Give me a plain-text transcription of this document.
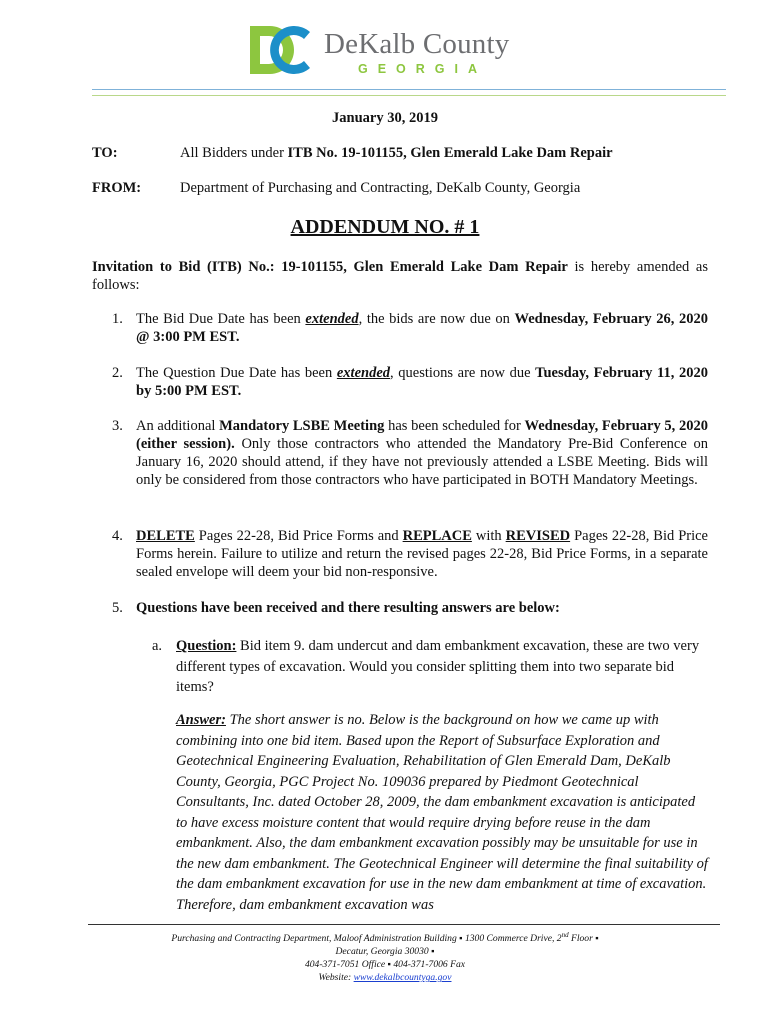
DeKalb County
GEORGIA
January 30, 2019
TO:	All Bidders under ITB No. 19-101155, Glen Emerald Lake Dam Repair
FROM:	Department of Purchasing and Contracting, DeKalb County, Georgia
ADDENDUM NO. # 1
Invitation to Bid (ITB) No.: 19-101155, Glen Emerald Lake Dam Repair is hereby amended as follows:
1. The Bid Due Date has been extended, the bids are now due on Wednesday, February 26, 2020 @ 3:00 PM EST.
2. The Question Due Date has been extended, questions are now due Tuesday, February 11, 2020 by 5:00 PM EST.
3. An additional Mandatory LSBE Meeting has been scheduled for Wednesday, February 5, 2020 (either session). Only those contractors who attended the Mandatory Pre-Bid Conference on January 16, 2020 should attend, if they have not previously attended a LSBE Meeting. Bids will only be considered from those contractors who have participated in BOTH Mandatory Meetings.
4. DELETE Pages 22-28, Bid Price Forms and REPLACE with REVISED Pages 22-28, Bid Price Forms herein. Failure to utilize and return the revised pages 22-28, Bid Price Forms, in a separate sealed envelope will deem your bid non-responsive.
5. Questions have been received and there resulting answers are below:
a. Question: Bid item 9. dam undercut and dam embankment excavation, these are two very different types of excavation. Would you consider splitting them into two separate bid items?
Answer: The short answer is no. Below is the background on how we came up with combining into one bid item. Based upon the Report of Subsurface Exploration and Geotechnical Engineering Evaluation, Rehabilitation of Glen Emerald Dam, DeKalb County, Georgia, PGC Project No. 109036 prepared by Piedmont Geotechnical Consultants, Inc. dated October 28, 2009, the dam embankment excavation is anticipated to have excess moisture content that would require drying before reuse in the dam embankment. Also, the dam embankment excavation possibly may be unsuitable for use in the new dam embankment. The Geotechnical Engineer will determine the final suitability of the dam embankment excavation for use in the new dam embankment at time of excavation. Therefore, dam embankment excavation was
Purchasing and Contracting Department, Maloof Administration Building ▪ 1300 Commerce Drive, 2nd Floor ▪
Decatur, Georgia 30030 ▪
404-371-7051 Office ▪ 404-371-7006 Fax
Website: www.dekalbcountyga.gov
